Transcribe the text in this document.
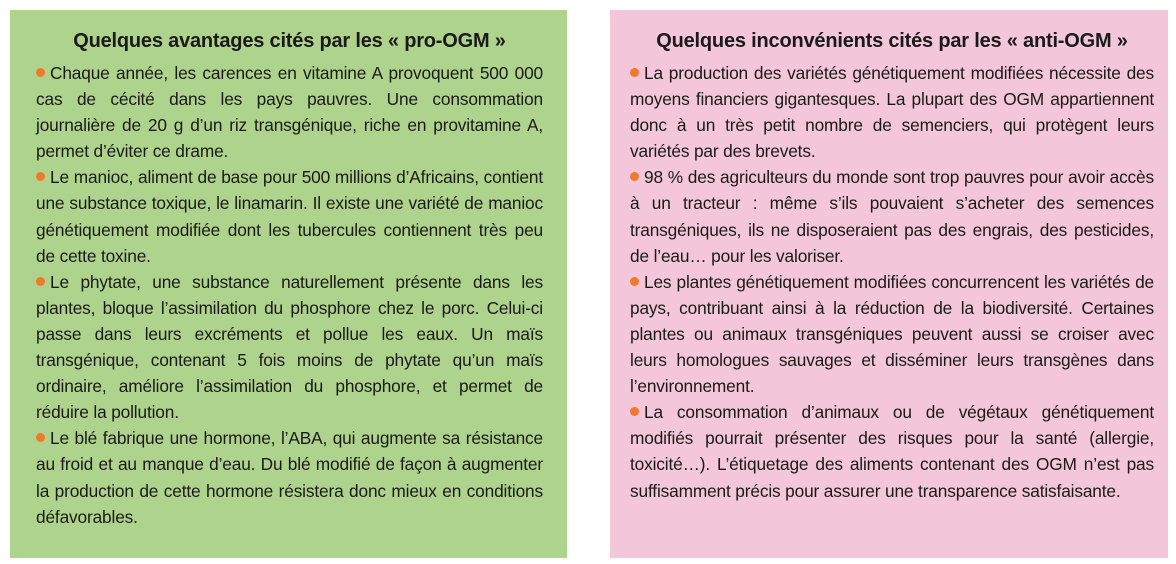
Quelques avantages cités par les « pro-OGM »

Chaque année, les carences en vitamine A provoquent 500 000 cas de cécité dans les pays pauvres. Une consommation journalière de 20 g d’un riz transgénique, riche en provitamine A, permet d’éviter ce drame.

Le manioc, aliment de base pour 500 millions d’Africains, contient une substance toxique, le linamarin. Il existe une variété de manioc génétiquement modifiée dont les tubercules contiennent très peu de cette toxine.

Le phytate, une substance naturellement présente dans les plantes, bloque l’assimilation du phosphore chez le porc. Celui-ci passe dans leurs excréments et pollue les eaux. Un maïs transgénique, contenant 5 fois moins de phytate qu’un maïs ordinaire, améliore l’assimilation du phosphore, et permet de réduire la pollution.

Le blé fabrique une hormone, l’ABA, qui augmente sa résistance au froid et au manque d’eau. Du blé modifié de façon à augmenter la production de cette hormone résistera donc mieux en conditions défavorables.

Quelques inconvénients cités par les « anti-OGM »

La production des variétés génétiquement modifiées nécessite des moyens financiers gigantesques. La plupart des OGM appartiennent donc à un très petit nombre de semenciers, qui protègent leurs variétés par des brevets.

98 % des agriculteurs du monde sont trop pauvres pour avoir accès à un tracteur : même s’ils pouvaient s’acheter des semences transgéniques, ils ne disposeraient pas des engrais, des pesticides, de l’eau… pour les valoriser.

Les plantes génétiquement modifiées concurrencent les variétés de pays, contribuant ainsi à la réduction de la biodiversité. Certaines plantes ou animaux transgéniques peuvent aussi se croiser avec leurs homologues sauvages et disséminer leurs transgènes dans l’environnement.

La consommation d’animaux ou de végétaux génétiquement modifiés pourrait présenter des risques pour la santé (allergie, toxicité…). L’étiquetage des aliments contenant des OGM n’est pas suffisamment précis pour assurer une transparence satisfaisante.
